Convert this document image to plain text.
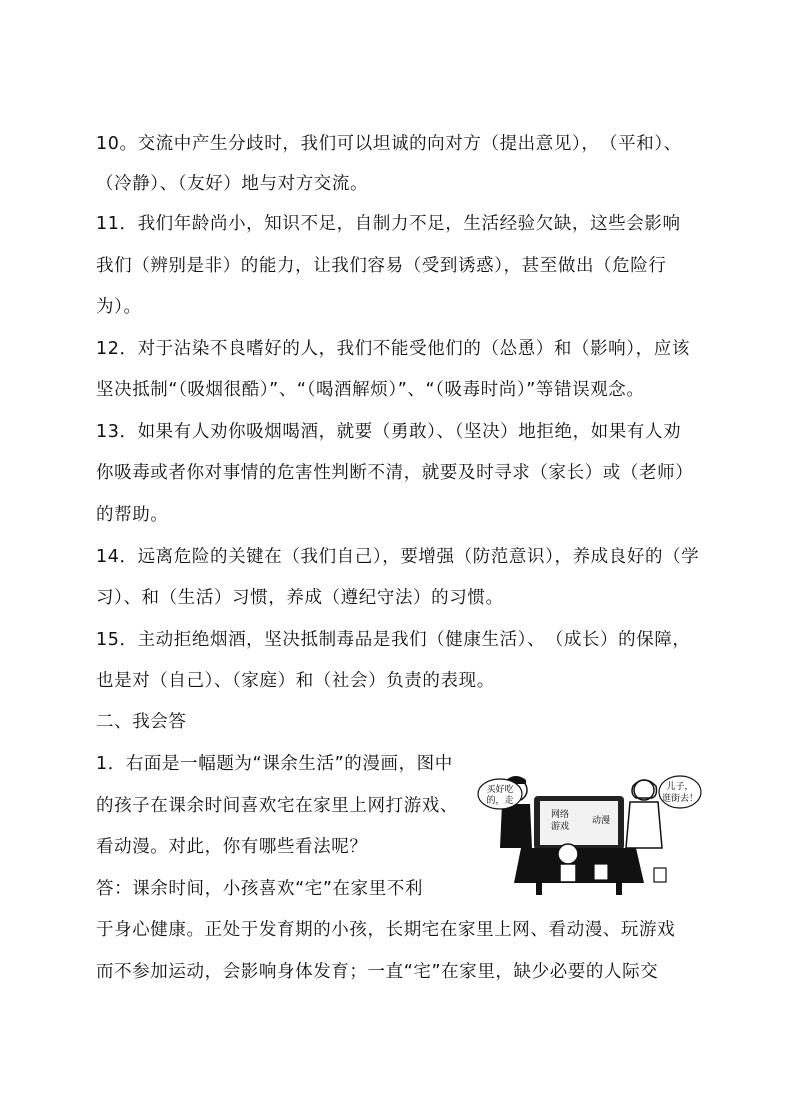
10。交流中产生分歧时，我们可以坦诚的向对方（提出意见），　（平和）、
（冷静）、（友好）地与对方交流。
11．我们年龄尚小，知识不足，自制力不足，生活经验欠缺，这些会影响
我们（辨别是非）的能力，让我们容易（受到诱惑），甚至做出（危险行
为）。
12．对于沾染不良嗜好的人，我们不能受他们的（怂恿）和（影响），应该
坚决抵制“（吸烟很酷）”、“（喝酒解烦）”、“（吸毒时尚）”等错误观念。
13．如果有人劝你吸烟喝酒，就要（勇敢）、（坚决）地拒绝，如果有人劝
你吸毒或者你对事情的危害性判断不清，就要及时寻求（家长）或（老师）
的帮助。
14．远离危险的关键在（我们自己），要增强（防范意识），养成良好的（学
习）、和（生活）习惯，养成（遵纪守法）的习惯。
15．主动拒绝烟酒，坚决抵制毒品是我们（健康生活）、　（成长）的保障，
也是对（自己）、（家庭）和（社会）负责的表现。
二、我会答
1．右面是一幅题为“课余生活”的漫画，图中
的孩子在课余时间喜欢宅在家里上网打游戏、
看动漫。对此，你有哪些看法呢？
答：课余时间，小孩喜欢“宅”在家里不利
于身心健康。正处于发育期的小孩，长期宅在家里上网、看动漫、玩游戏
而不参加运动，会影响身体发育；一直“宅”在家里，缺少必要的人际交
买好吃
的，走
儿子，
逛街去！
网络
游戏
动漫
